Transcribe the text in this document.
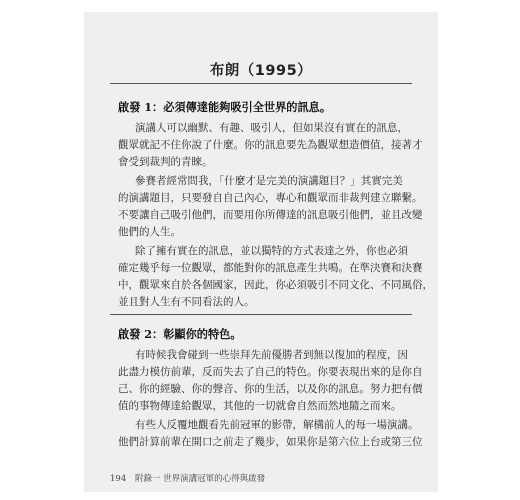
布朗（1995）
啟發 1：必須傳達能夠吸引全世界的訊息。
演講人可以幽默、有趣、吸引人，但如果沒有實在的訊息，
觀眾就記不住你說了什麼。你的訊息要先為觀眾想造價值，接著才
會受到裁判的青睞。
參賽者經常問我，「什麼才是完美的演講題目？」其實完美
的演講題目，只要發自自己內心，專心和觀眾而非裁判建立聯繫。
不要讓自己吸引他們，而要用你所傳達的訊息吸引他們，並且改變
他們的人生。
除了擁有實在的訊息，並以獨特的方式表達之外，你也必須
確定幾乎每一位觀眾，都能對你的訊息產生共鳴。在準決賽和決賽
中，觀眾來自於各個國家，因此，你必須吸引不同文化、不同風俗，
並且對人生有不同看法的人。
啟發 2：彰顯你的特色。
有時候我會碰到一些崇拜先前優勝者到無以復加的程度，因
此盡力模仿前輩，反而失去了自己的特色。你要表現出來的是你自
己、你的經驗、你的聲音、你的生活，以及你的訊息。努力把有價
值的事物傳達給觀眾，其他的一切就會自然而然地隨之而來。
有些人反覆地觀看先前冠軍的影帶，解構前人的每一場演講。
他們計算前輩在開口之前走了幾步，如果你是第六位上台或第三位
194 附錄一 世界演講冠軍的心得與啟發
